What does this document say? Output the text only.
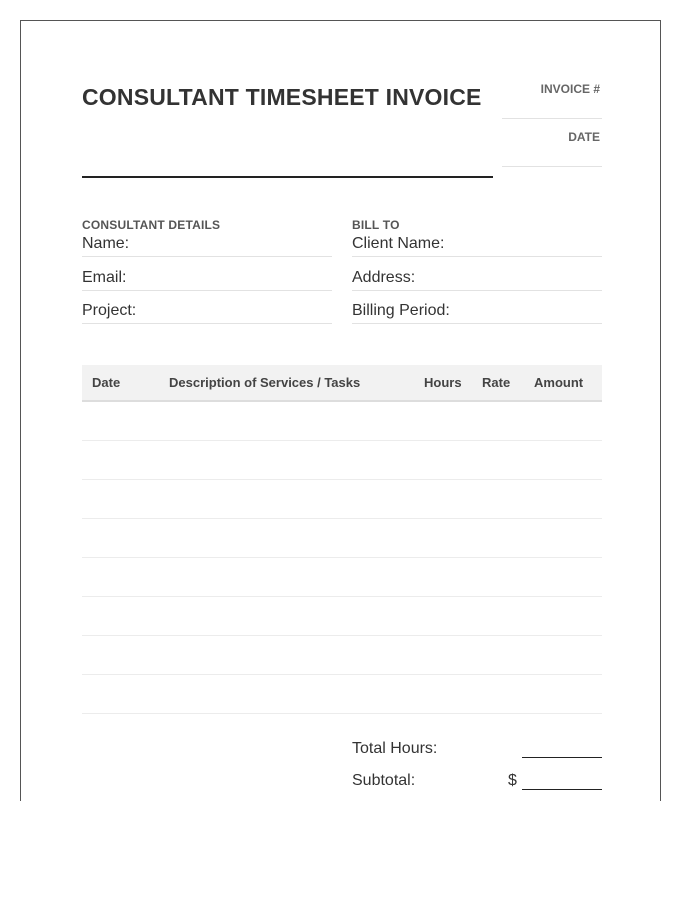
CONSULTANT TIMESHEET INVOICE	INVOICE #
DATE
CONSULTANT DETAILS
Name:
Email:
Project:
BILL TO
Client Name:
Address:
Billing Period:
Date	Description of Services / Tasks	Hours Rate Amount
Total Hours:
Subtotal:	$
